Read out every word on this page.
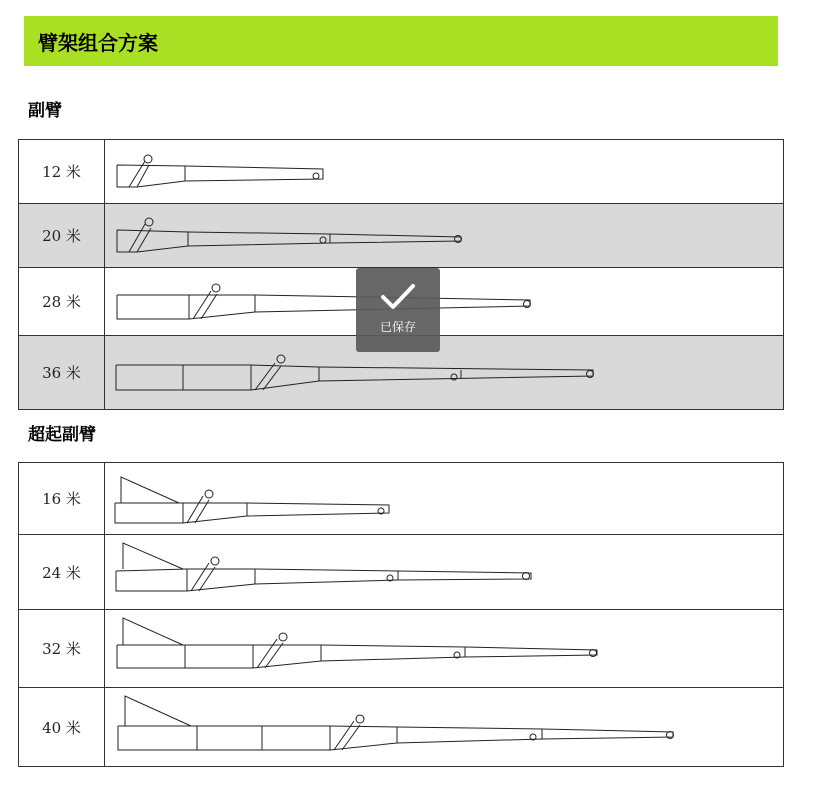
臂架组合方案
副臂
12 米	

20 米	

28 米	

36 米	
超起副臂
16 米	

24 米	

32 米	

40 米	
已保存
